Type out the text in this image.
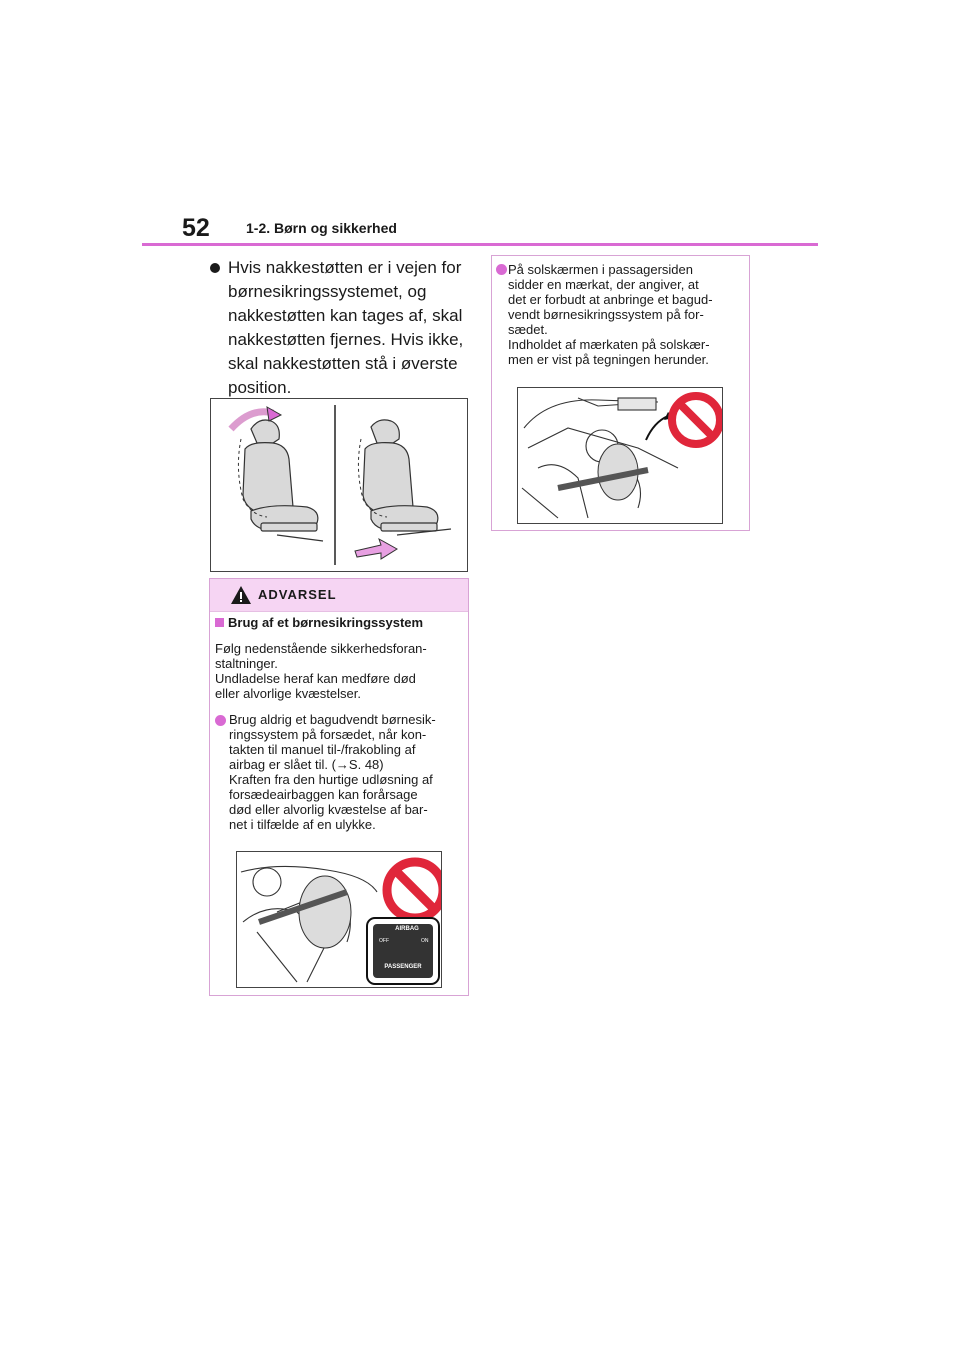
52	1-2. Børn og sikkerhed
Hvis nakkestøtten er i vejen for
børnesikringssystemet, og
nakkestøtten kan tages af, skal
nakkestøtten fjernes. Hvis ikke,
skal nakkestøtten stå i øverste
position.
ADVARSEL
Brug af et børnesikringssystem
Følg nedenstående sikkerhedsforan-
staltninger.
Undladelse heraf kan medføre død
eller alvorlige kvæstelser.
Brug aldrig et bagudvendt børnesik-
ringssystem på forsædet, når kon-
takten til manuel til-/frakobling af
airbag er slået til. (→S. 48)
Kraften fra den hurtige udløsning af
forsædeairbaggen kan forårsage
død eller alvorlig kvæstelse af bar-
net i tilfælde af en ulykke.
AIRBAG
OFF	ON
PASSENGER
På solskærmen i passagersiden
sidder en mærkat, der angiver, at
det er forbudt at anbringe et bagud-
vendt børnesikringssystem på for-
sædet.
Indholdet af mærkaten på solskær-
men er vist på tegningen herunder.
